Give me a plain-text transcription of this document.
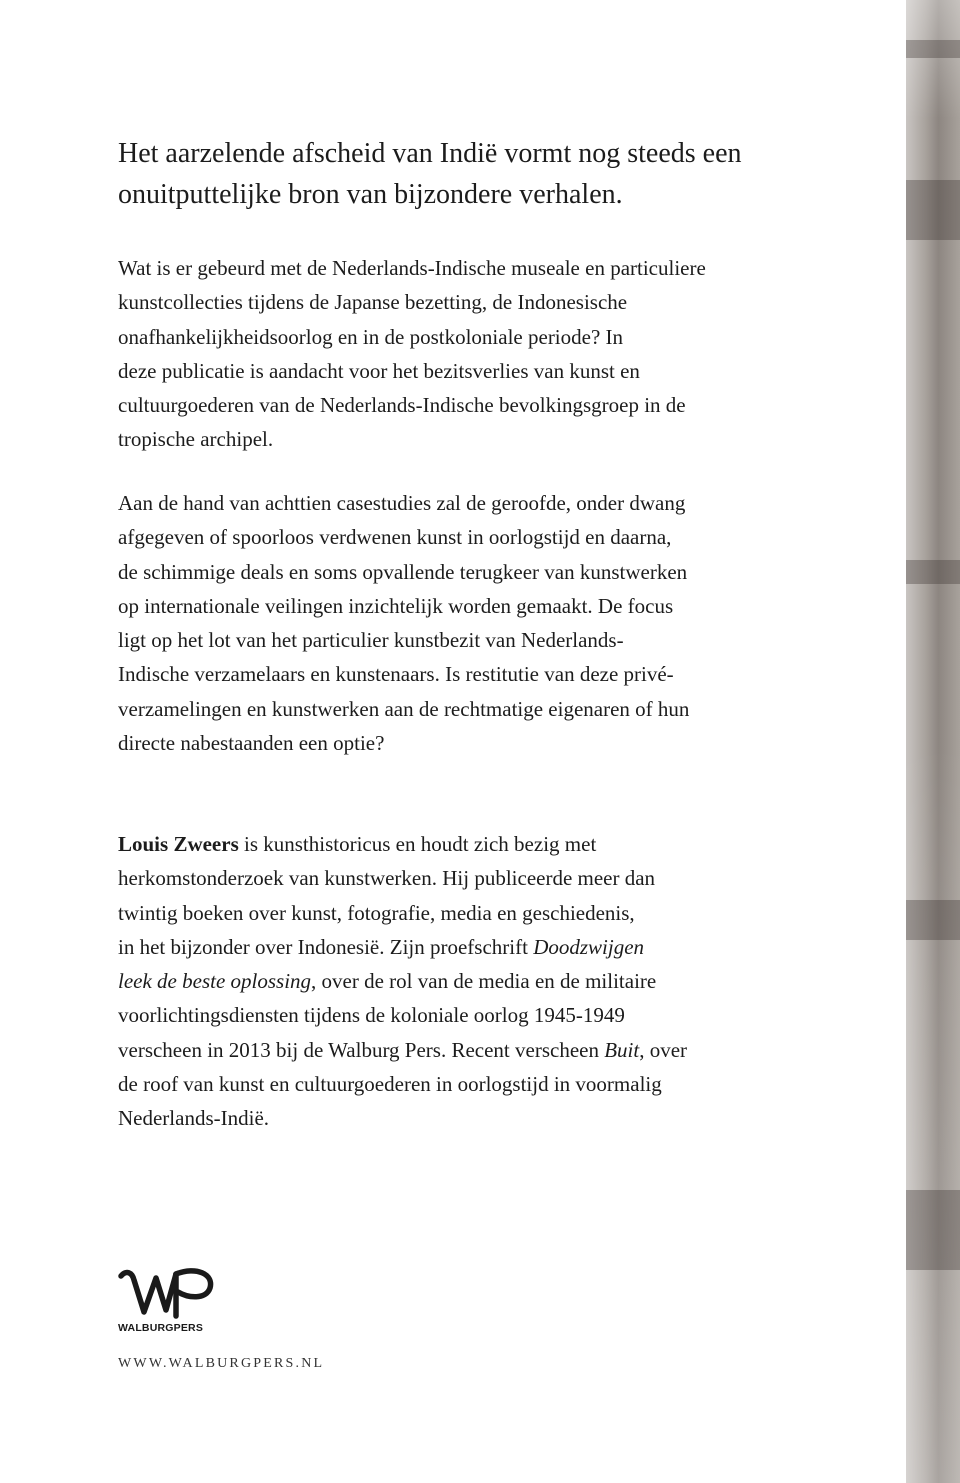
Het aarzelende afscheid van Indië vormt nog steeds een onuitputtelijke bron van bijzondere verhalen.

Wat is er gebeurd met de Nederlands-Indische museale en particuliere
kunstcollecties tijdens de Japanse bezetting, de Indonesische
onafhankelijkheidsoorlog en in de postkoloniale periode? In
deze publicatie is aandacht voor het bezitsverlies van kunst en
cultuurgoederen van de Nederlands-Indische bevolkingsgroep in de
tropische archipel.

Aan de hand van achttien casestudies zal de geroofde, onder dwang
afgegeven of spoorloos verdwenen kunst in oorlogstijd en daarna,
de schimmige deals en soms opvallende terugkeer van kunstwerken
op internationale veilingen inzichtelijk worden gemaakt. De focus
ligt op het lot van het particulier kunstbezit van Nederlands-
Indische verzamelaars en kunstenaars. Is restitutie van deze privé-
verzamelingen en kunstwerken aan de rechtmatige eigenaren of hun
directe nabestaanden een optie?

Louis Zweers is kunsthistoricus en houdt zich bezig met
herkomstonderzoek van kunstwerken. Hij publiceerde meer dan
twintig boeken over kunst, fotografie, media en geschiedenis,
in het bijzonder over Indonesië. Zijn proefschrift Doodzwijgen
leek de beste oplossing, over de rol van de media en de militaire
voorlichtingsdiensten tijdens de koloniale oorlog 1945-1949
verscheen in 2013 bij de Walburg Pers. Recent verscheen Buit, over
de roof van kunst en cultuurgoederen in oorlogstijd in voormalig
Nederlands-Indië.

WALBURGPERS
WWW.WALBURGPERS.NL
